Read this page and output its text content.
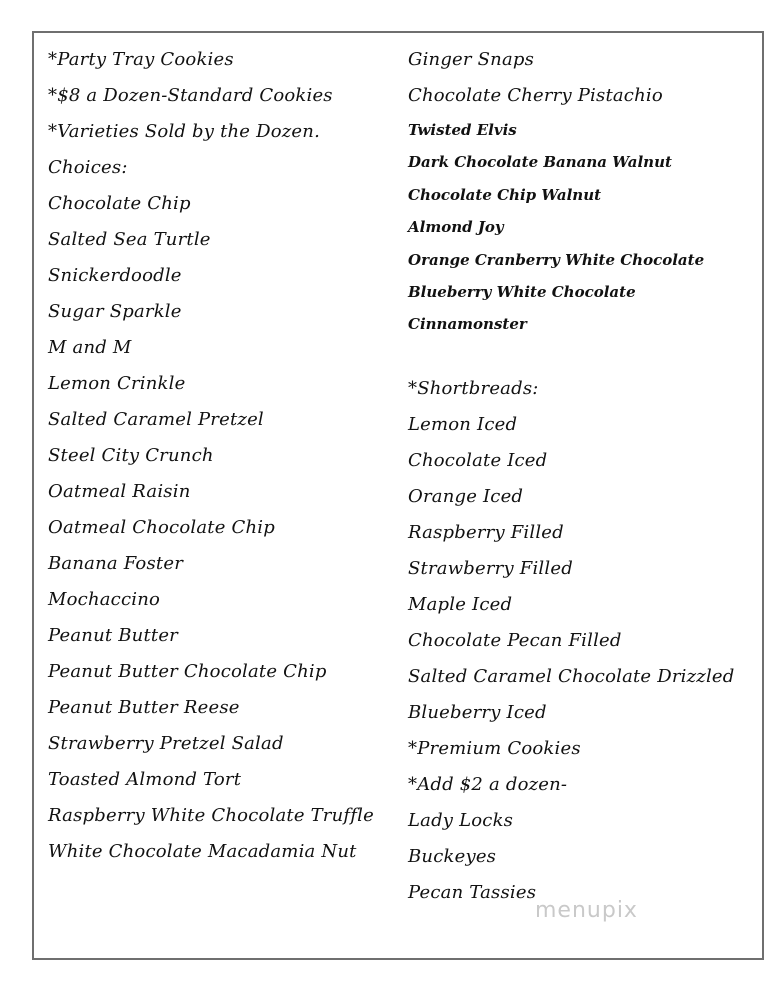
*Party Tray Cookies
*$8 a Dozen-Standard Cookies
*Varieties Sold by the Dozen.
Choices:
Chocolate Chip
Salted Sea Turtle
Snickerdoodle
Sugar Sparkle
M and M
Lemon Crinkle
Salted Caramel Pretzel
Steel City Crunch
Oatmeal Raisin
Oatmeal Chocolate Chip
Banana Foster
Mochaccino
Peanut Butter
Peanut Butter Chocolate Chip
Peanut Butter Reese
Strawberry Pretzel Salad
Toasted Almond Tort
Raspberry White Chocolate Truffle
White Chocolate Macadamia Nut
Ginger Snaps
Chocolate Cherry Pistachio
Twisted Elvis
Dark Chocolate Banana Walnut
Chocolate Chip Walnut
Almond Joy
Orange Cranberry White Chocolate
Blueberry White Chocolate
Cinnamonster
*Shortbreads:
Lemon Iced
Chocolate Iced
Orange Iced
Raspberry Filled
Strawberry Filled
Maple Iced
Chocolate Pecan Filled
Salted Caramel Chocolate Drizzled
Blueberry Iced
*Premium Cookies
*Add $2 a dozen-
Lady Locks
Buckeyes
Pecan Tassies
menupix
